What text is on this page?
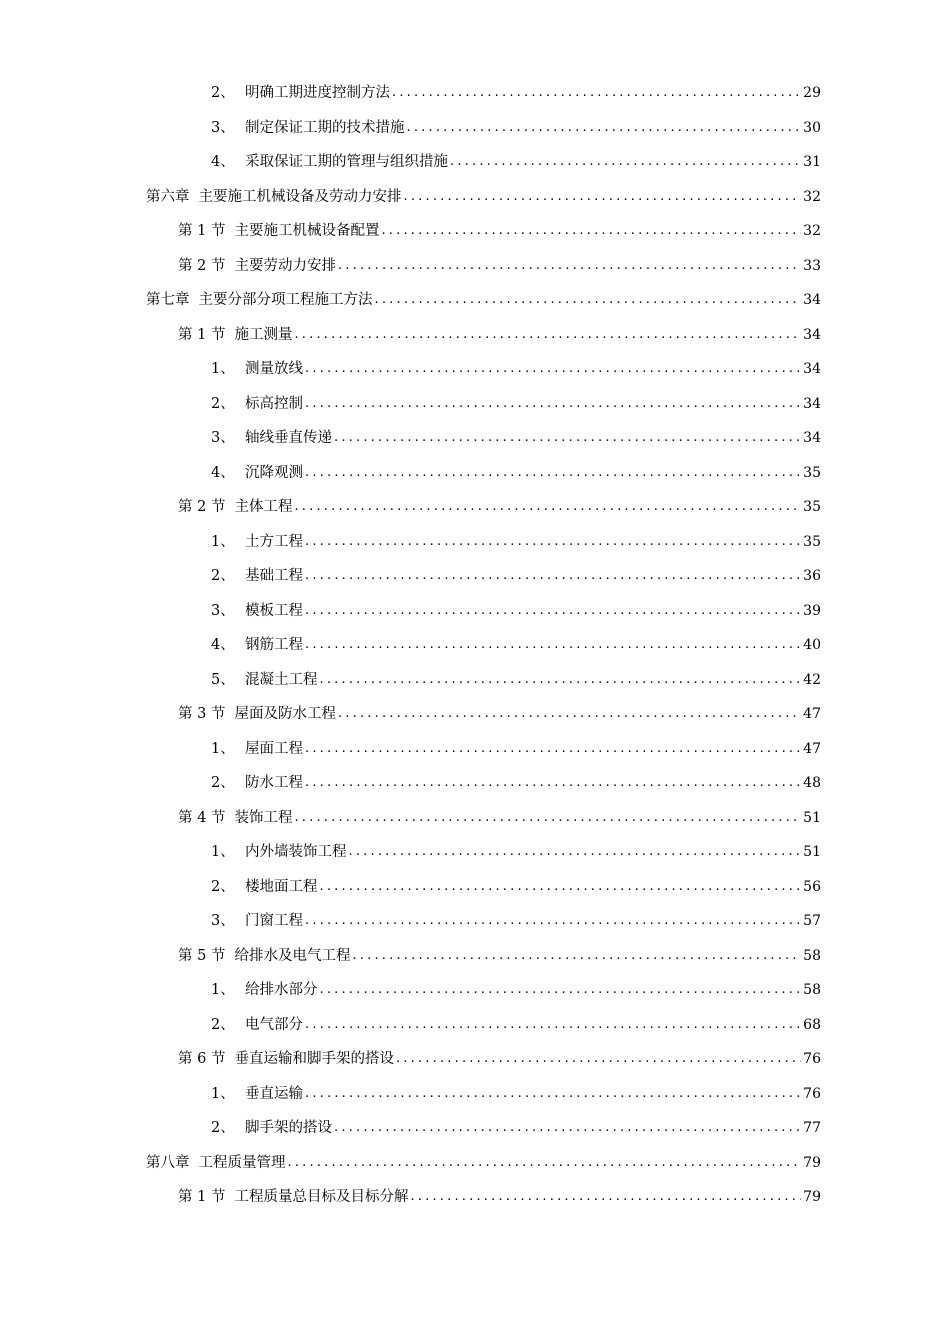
2、 明确工期进度控制方法 .....	29
3、 制定保证工期的技术措施 .....	30
4、 采取保证工期的管理与组织措施 .....	31
第六章 主要施工机械设备及劳动力安排 .....	32
第 1 节 主要施工机械设备配置 .....	32
第 2 节 主要劳动力安排 .....	33
第七章 主要分部分项工程施工方法 .....	34
第 1 节 施工测量 .....	34
1、 测量放线 .....	34
2、 标高控制 .....	34
3、 轴线垂直传递 .....	34
4、 沉降观测 .....	35
第 2 节 主体工程 .....	35
1、 土方工程 .....	35
2、 基础工程 .....	36
3、 模板工程 .....	39
4、 钢筋工程 .....	40
5、 混凝土工程 .....	42
第 3 节 屋面及防水工程 .....	47
1、 屋面工程 .....	47
2、 防水工程 .....	48
第 4 节 装饰工程 .....	51
1、 内外墙装饰工程 .....	51
2、 楼地面工程 .....	56
3、 门窗工程 .....	57
第 5 节 给排水及电气工程 .....	58
1、 给排水部分 .....	58
2、 电气部分 .....	68
第 6 节 垂直运输和脚手架的搭设 .....	76
1、 垂直运输 .....	76
2、 脚手架的搭设 .....	77
第八章 工程质量管理 .....	79
第 1 节 工程质量总目标及目标分解 .....	79
